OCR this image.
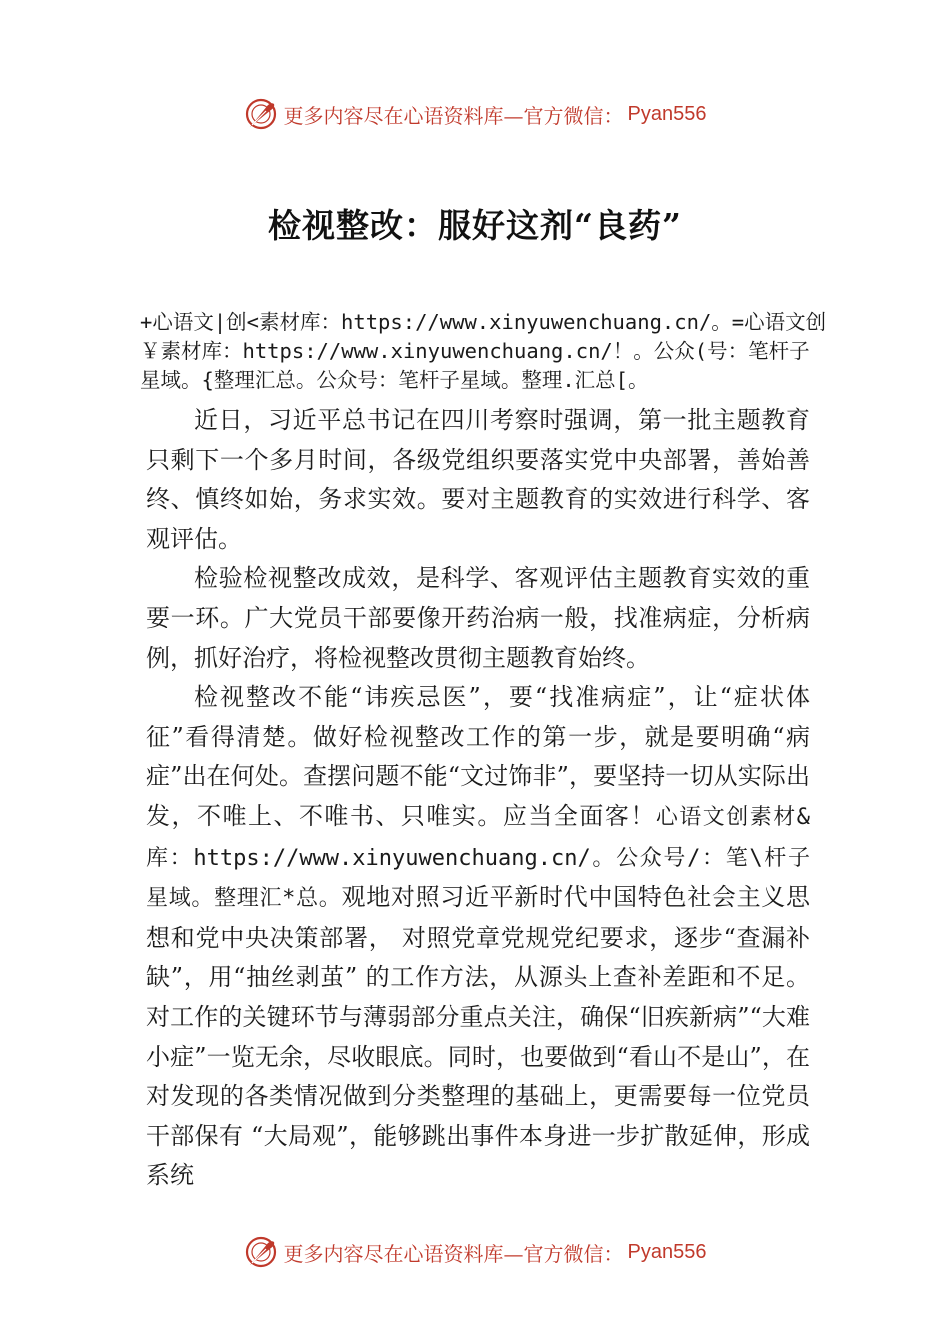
更多内容尽在心语资料库—官方微信： Pyan556
检视整改：服好这剂“良药”
+心语文|创<素材库：https://www.xinyuwenchuang.cn/。=心语文创￥素材库：https://www.xinyuwenchuang.cn/！。公众(号：笔杆子星域。{整理汇总。公众号：笔杆子星域。整理.汇总[。

近日，习近平总书记在四川考察时强调，第一批主题教育只剩下一个多月时间，各级党组织要落实党中央部署，善始善终、慎终如始，务求实效。要对主题教育的实效进行科学、客观评估。

检验检视整改成效，是科学、客观评估主题教育实效的重要一环。广大党员干部要像开药治病一般，找准病症，分析病例，抓好治疗，将检视整改贯彻主题教育始终。

检视整改不能“讳疾忌医”，要“找准病症”，让“症状体征”看得清楚。做好检视整改工作的第一步，就是要明确“病症”出在何处。查摆问题不能“文过饰非”，要坚持一切从实际出发，不唯上、不唯书、只唯实。应当全面客！心语文创素材&库：https://www.xinyuwenchuang.cn/。公众号/：笔\杆子星域。整理汇*总。观地对照习近平新时代中国特色社会主义思想和党中央决策部署， 对照党章党规党纪要求，逐步“查漏补缺”，用“抽丝剥茧” 的工作方法，从源头上查补差距和不足。对工作的关键环节与薄弱部分重点关注，确保“旧疾新病”“大难小症”一览无余，尽收眼底。同时，也要做到“看山不是山”，在对发现的各类情况做到分类整理的基础上，更需要每一位党员干部保有 “大局观”，能够跳出事件本身进一步扩散延伸，形成系统

更多内容尽在心语资料库—官方微信： Pyan556
